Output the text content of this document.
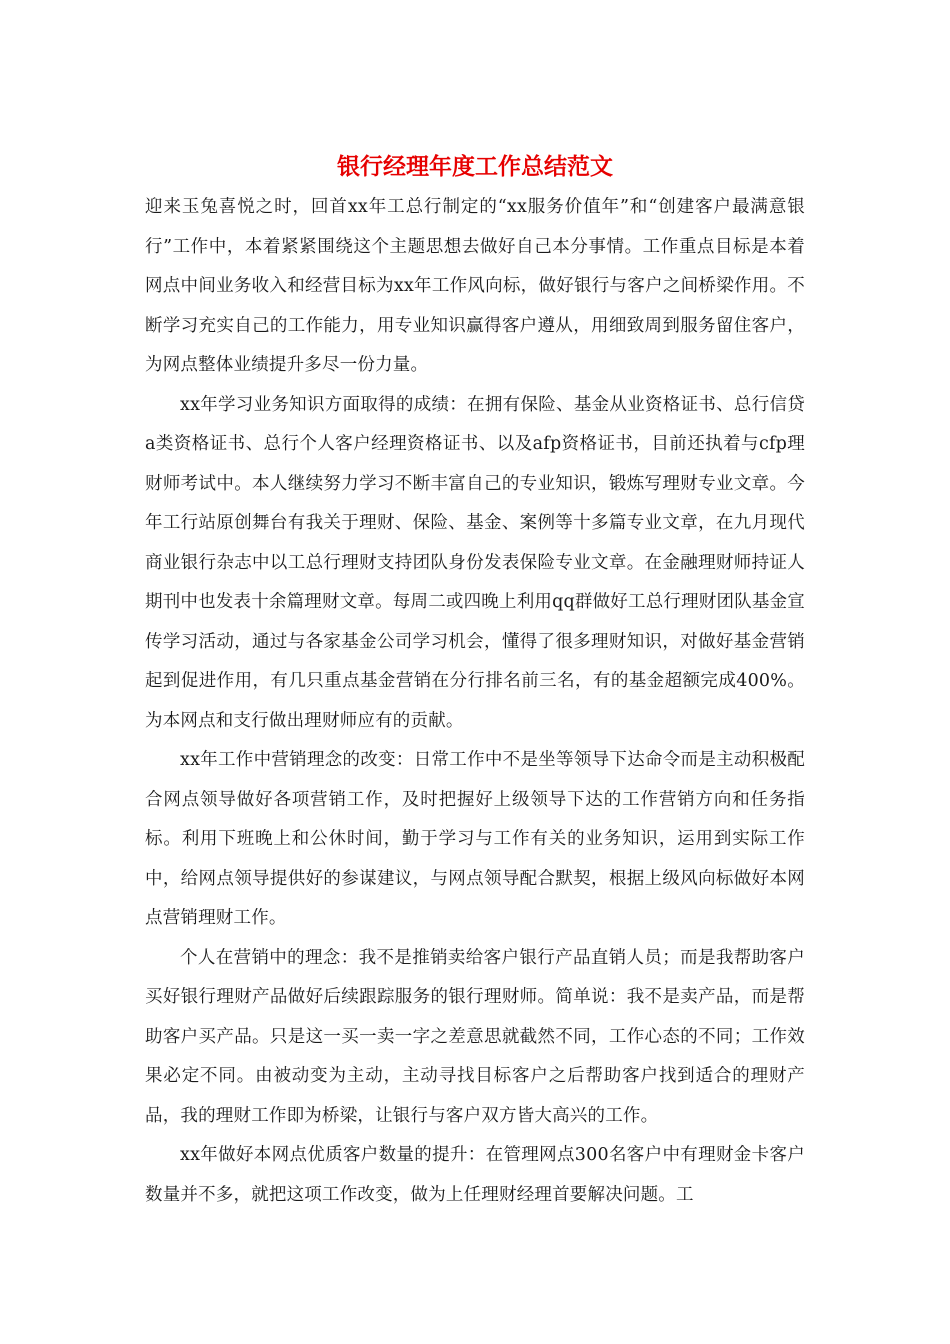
银行经理年度工作总结范文

迎来玉兔喜悦之时，回首xx年工总行制定的“xx服务价值年”和“创建客户最满意银行”工作中，本着紧紧围绕这个主题思想去做好自己本分事情。工作重点目标是本着网点中间业务收入和经营目标为xx年工作风向标，做好银行与客户之间桥梁作用。不断学习充实自己的工作能力，用专业知识赢得客户遵从，用细致周到服务留住客户，为网点整体业绩提升多尽一份力量。

xx年学习业务知识方面取得的成绩：在拥有保险、基金从业资格证书、总行信贷a类资格证书、总行个人客户经理资格证书、以及afp资格证书，目前还执着与cfp理财师考试中。本人继续努力学习不断丰富自己的专业知识，锻炼写理财专业文章。今年工行站原创舞台有我关于理财、保险、基金、案例等十多篇专业文章，在九月现代商业银行杂志中以工总行理财支持团队身份发表保险专业文章。在金融理财师持证人期刊中也发表十余篇理财文章。每周二或四晚上利用qq群做好工总行理财团队基金宣传学习活动，通过与各家基金公司学习机会，懂得了很多理财知识，对做好基金营销起到促进作用，有几只重点基金营销在分行排名前三名，有的基金超额完成400%。为本网点和支行做出理财师应有的贡献。

xx年工作中营销理念的改变：日常工作中不是坐等领导下达命令而是主动积极配合网点领导做好各项营销工作，及时把握好上级领导下达的工作营销方向和任务指标。利用下班晚上和公休时间，勤于学习与工作有关的业务知识，运用到实际工作中，给网点领导提供好的参谋建议，与网点领导配合默契，根据上级风向标做好本网点营销理财工作。

个人在营销中的理念：我不是推销卖给客户银行产品直销人员；而是我帮助客户买好银行理财产品做好后续跟踪服务的银行理财师。简单说：我不是卖产品，而是帮助客户买产品。只是这一买一卖一字之差意思就截然不同，工作心态的不同；工作效果必定不同。由被动变为主动，主动寻找目标客户之后帮助客户找到适合的理财产品，我的理财工作即为桥梁，让银行与客户双方皆大高兴的工作。

xx年做好本网点优质客户数量的提升：在管理网点300名客户中有理财金卡客户数量并不多，就把这项工作改变，做为上任理财经理首要解决问题。工
